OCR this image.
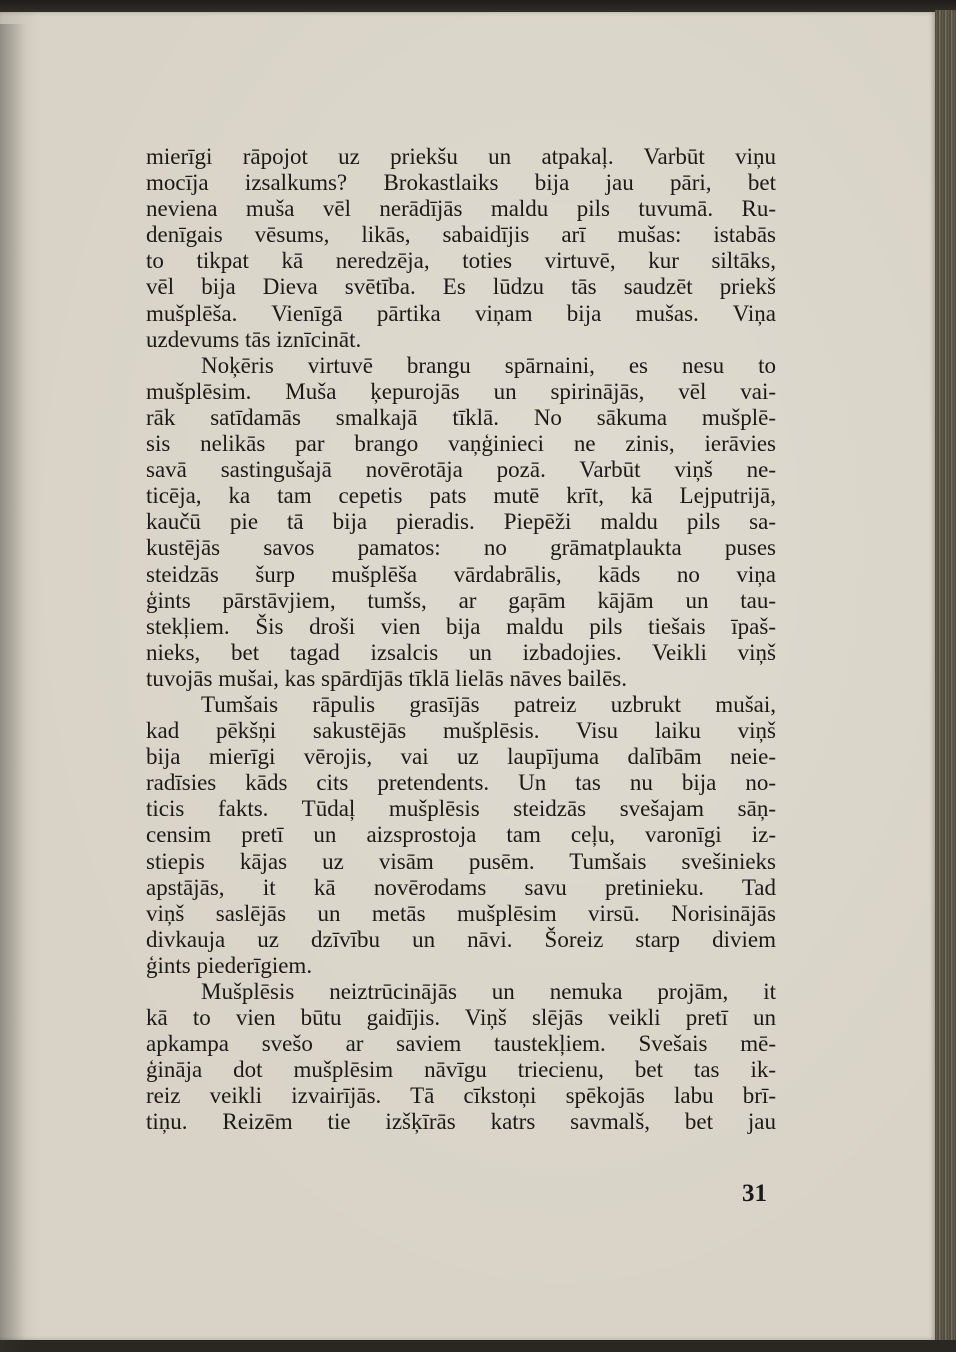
mierīgi rāpojot uz priekšu un atpakaļ. Varbūt viņu

mocīja izsalkums? Brokastlaiks bija jau pāri, bet

neviena muša vēl nerādījās maldu pils tuvumā. Ru-

denīgais vēsums, likās, sabaidījis arī mušas: istabās

to tikpat kā neredzēja, toties virtuvē, kur siltāks,

vēl bija Dieva svētība. Es lūdzu tās saudzēt priekš

mušplēša. Vienīgā pārtika viņam bija mušas. Viņa

uzdevums tās iznīcināt.

Noķēris virtuvē brangu spārnaini, es nesu to

mušplēsim. Muša ķepurojās un spirinājās, vēl vai-

rāk satīdamās smalkajā tīklā. No sākuma mušplē-

sis nelikās par brango vaņģinieci ne zinis, ierāvies

savā sastingušajā novērotāja pozā. Varbūt viņš ne-

ticēja, ka tam cepetis pats mutē krīt, kā Lejputrijā,

kaučū pie tā bija pieradis. Piepēži maldu pils sa-

kustējās savos pamatos: no grāmatplaukta puses

steidzās šurp mušplēša vārdabrālis, kāds no viņa

ģints pārstāvjiem, tumšs, ar gaŗām kājām un tau-

stekļiem. Šis droši vien bija maldu pils tiešais īpaš-

nieks, bet tagad izsalcis un izbadojies. Veikli viņš

tuvojās mušai, kas spārdījās tīklā lielās nāves bailēs.

Tumšais rāpulis grasījās patreiz uzbrukt mušai,

kad pēkšņi sakustējās mušplēsis. Visu laiku viņš

bija mierīgi vērojis, vai uz laupījuma dalībām neie-

radīsies kāds cits pretendents. Un tas nu bija no-

ticis fakts. Tūdaļ mušplēsis steidzās svešajam sāņ-

censim pretī un aizsprostoja tam ceļu, varonīgi iz-

stiepis kājas uz visām pusēm. Tumšais svešinieks

apstājās, it kā novērodams savu pretinieku. Tad

viņš saslējās un metās mušplēsim virsū. Norisinājās

divkauja uz dzīvību un nāvi. Šoreiz starp diviem

ģints piederīgiem.

Mušplēsis neiztrūcinājās un nemuka projām, it

kā to vien būtu gaidījis. Viņš slējās veikli pretī un

apkampa svešo ar saviem taustekļiem. Svešais mē-

ģināja dot mušplēsim nāvīgu triecienu, bet tas ik-

reiz veikli izvairījās. Tā cīkstoņi spēkojās labu brī-

tiņu. Reizēm tie izšķīrās katrs savmalš, bet jau

31
